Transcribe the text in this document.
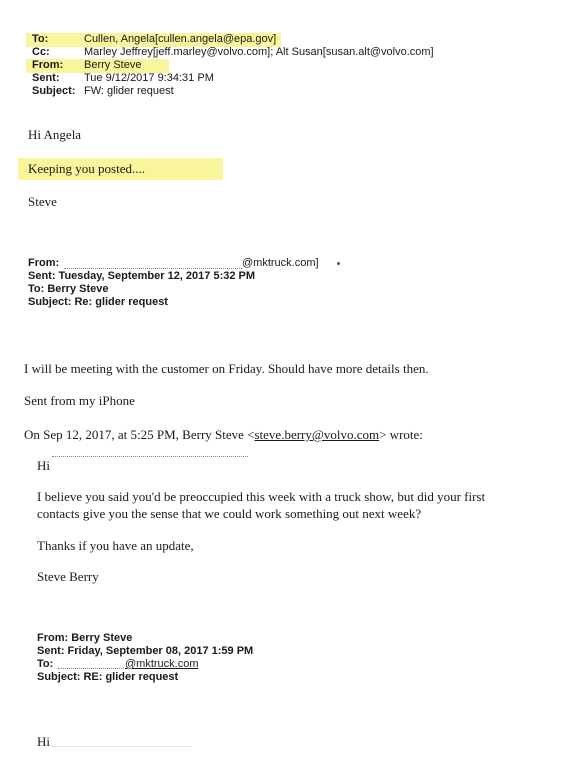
To:	Cullen, Angela[cullen.angela@epa.gov]
Cc:	Marley Jeffrey[jeff.marley@volvo.com]; Alt Susan[susan.alt@volvo.com]
From: Berry Steve
Sent: Tue 9/12/2017 9:34:31 PM
Subject: FW: glider request
Hi Angela
Keeping you posted....
Steve
From:	@mktruck.com]
Sent: Tuesday, September 12, 2017 5:32 PM
To: Berry Steve
Subject: Re: glider request
I will be meeting with the customer on Friday. Should have more details then.
Sent from my iPhone
On Sep 12, 2017, at 5:25 PM, Berry Steve <steve.berry@volvo.com> wrote:
Hi
I believe you said you'd be preoccupied this week with a truck show, but did your first
contacts give you the sense that we could work something out next week?
Thanks if you have an update,
Steve Berry
From: Berry Steve
Sent: Friday, September 08, 2017 1:59 PM
To:	@mktruck.com
Subject: RE: glider request
Hi
